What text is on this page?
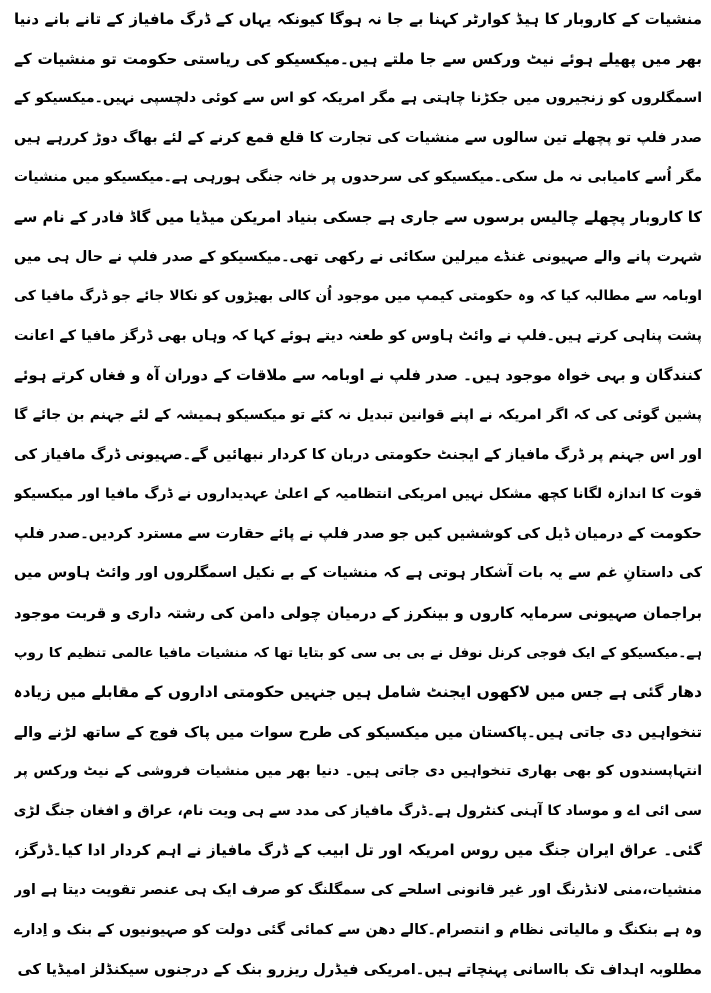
منشیات کے کاروبار کا ہیڈ کوارٹر کہنا بے جا نہ ہوگا کیونکہ یہاں کے ڈرگ مافیاز کے تانے بانے دنیا
بھر میں پھیلے ہوئے نیٹ ورکس سے جا ملتے ہیں۔میکسیکو کی ریاستی حکومت تو منشیات کے
اسمگلروں کو زنجیروں میں جکڑنا چاہتی ہے مگر امریکہ کو اس سے کوئی دلچسپی نہیں۔میکسیکو کے
صدر فلپ تو پچھلے تین سالوں سے منشیات کی تجارت کا قلع قمع کرنے کے لئے بھاگ دوڑ کررہے ہیں
مگر اُسے کامیابی نہ مل سکی۔میکسیکو کی سرحدوں پر خانہ جنگی ہورہی ہے۔میکسیکو میں منشیات
کا کاروبار پچھلے چالیس برسوں سے جاری ہے جسکی بنیاد امریکن میڈیا میں گاڈ فادر کے نام سے
شہرت پانے والے صہیونی غنڈے میرلین سکائی نے رکھی تھی۔میکسیکو کے صدر فلپ نے حال ہی میں
اوبامہ سے مطالبہ کیا کہ وہ حکومتی کیمپ میں موجود اُن کالی بھیڑوں کو نکالا جائے جو ڈرگ مافیا کی
پشت پناہی کرتے ہیں۔فلپ نے وائٹ ہاوس کو طعنہ دیتے ہوئے کہا کہ وہاں بھی ڈرگز مافیا کے اعانت
کنندگان و بہی خواہ موجود ہیں۔ صدر فلپ نے اوبامہ سے ملاقات کے دوران آہ و فغاں کرتے ہوئے
پشین گوئی کی کہ اگر امریکہ نے اپنے قوانین تبدیل نہ کئے تو میکسیکو ہمیشہ کے لئے جہنم بن جائے گا
اور اس جہنم پر ڈرگ مافیاز کے ایجنٹ حکومتی دربان کا کردار نبھائیں گے۔صہیونی ڈرگ مافیاز کی
قوت کا اندازہ لگانا کچھ مشکل نہیں امریکی انتظامیہ کے اعلیٰ عہدیداروں نے ڈرگ مافیا اور میکسیکو
حکومت کے درمیان ڈیل کی کوششیں کیں جو صدر فلپ نے پائے حقارت سے مسترد کردیں۔صدر فلپ
کی داستانِ غم سے یہ بات آشکار ہوتی ہے کہ منشیات کے بے نکیل اسمگلروں اور وائٹ ہاوس میں
براجمان صہیونی سرمایہ کاروں و بینکرز کے درمیان چولی دامن کی رشتہ داری و قربت موجود
ہے۔میکسیکو کے ایک فوجی کرنل نوفل نے بی بی سی کو بتایا تھا کہ منشیات مافیا عالمی تنظیم کا روپ
دھار گئی ہے جس میں لاکھوں ایجنٹ شامل ہیں جنہیں حکومتی اداروں کے مقابلے میں زیادہ
تنخواہیں دی جاتی ہیں۔پاکستان میں میکسیکو کی طرح سوات میں پاک فوج کے ساتھ لڑنے والے
انتہاپسندوں کو بھی بھاری تنخواہیں دی جاتی ہیں۔ دنیا بھر میں منشیات فروشی کے نیٹ ورکس پر
سی ائی اے و موساد کا آہنی کنٹرول ہے۔ڈرگ مافیاز کی مدد سے ہی ویت نام، عراق و افغان جنگ لڑی
گئی۔ عراق ایران جنگ میں روس امریکہ اور تل ابیب کے ڈرگ مافیاز نے اہم کردار ادا کیا۔ڈرگز،
منشیات،منی لانڈرنگ اور غیر قانونی اسلحے کی سمگلنگ کو صرف ایک ہی عنصر تقویت دیتا ہے اور
وہ ہے بنکنگ و مالیاتی نظام و انتصرام۔کالے دھن سے کمائی گئی دولت کو صہیونیوں کے بنک و اِدارے
مطلوبہ اہداف تک بااسانی پہنچاتے ہیں۔امریکی فیڈرل ریزرو بنک کے درجنوں سیکنڈلز امیڈیا کی
